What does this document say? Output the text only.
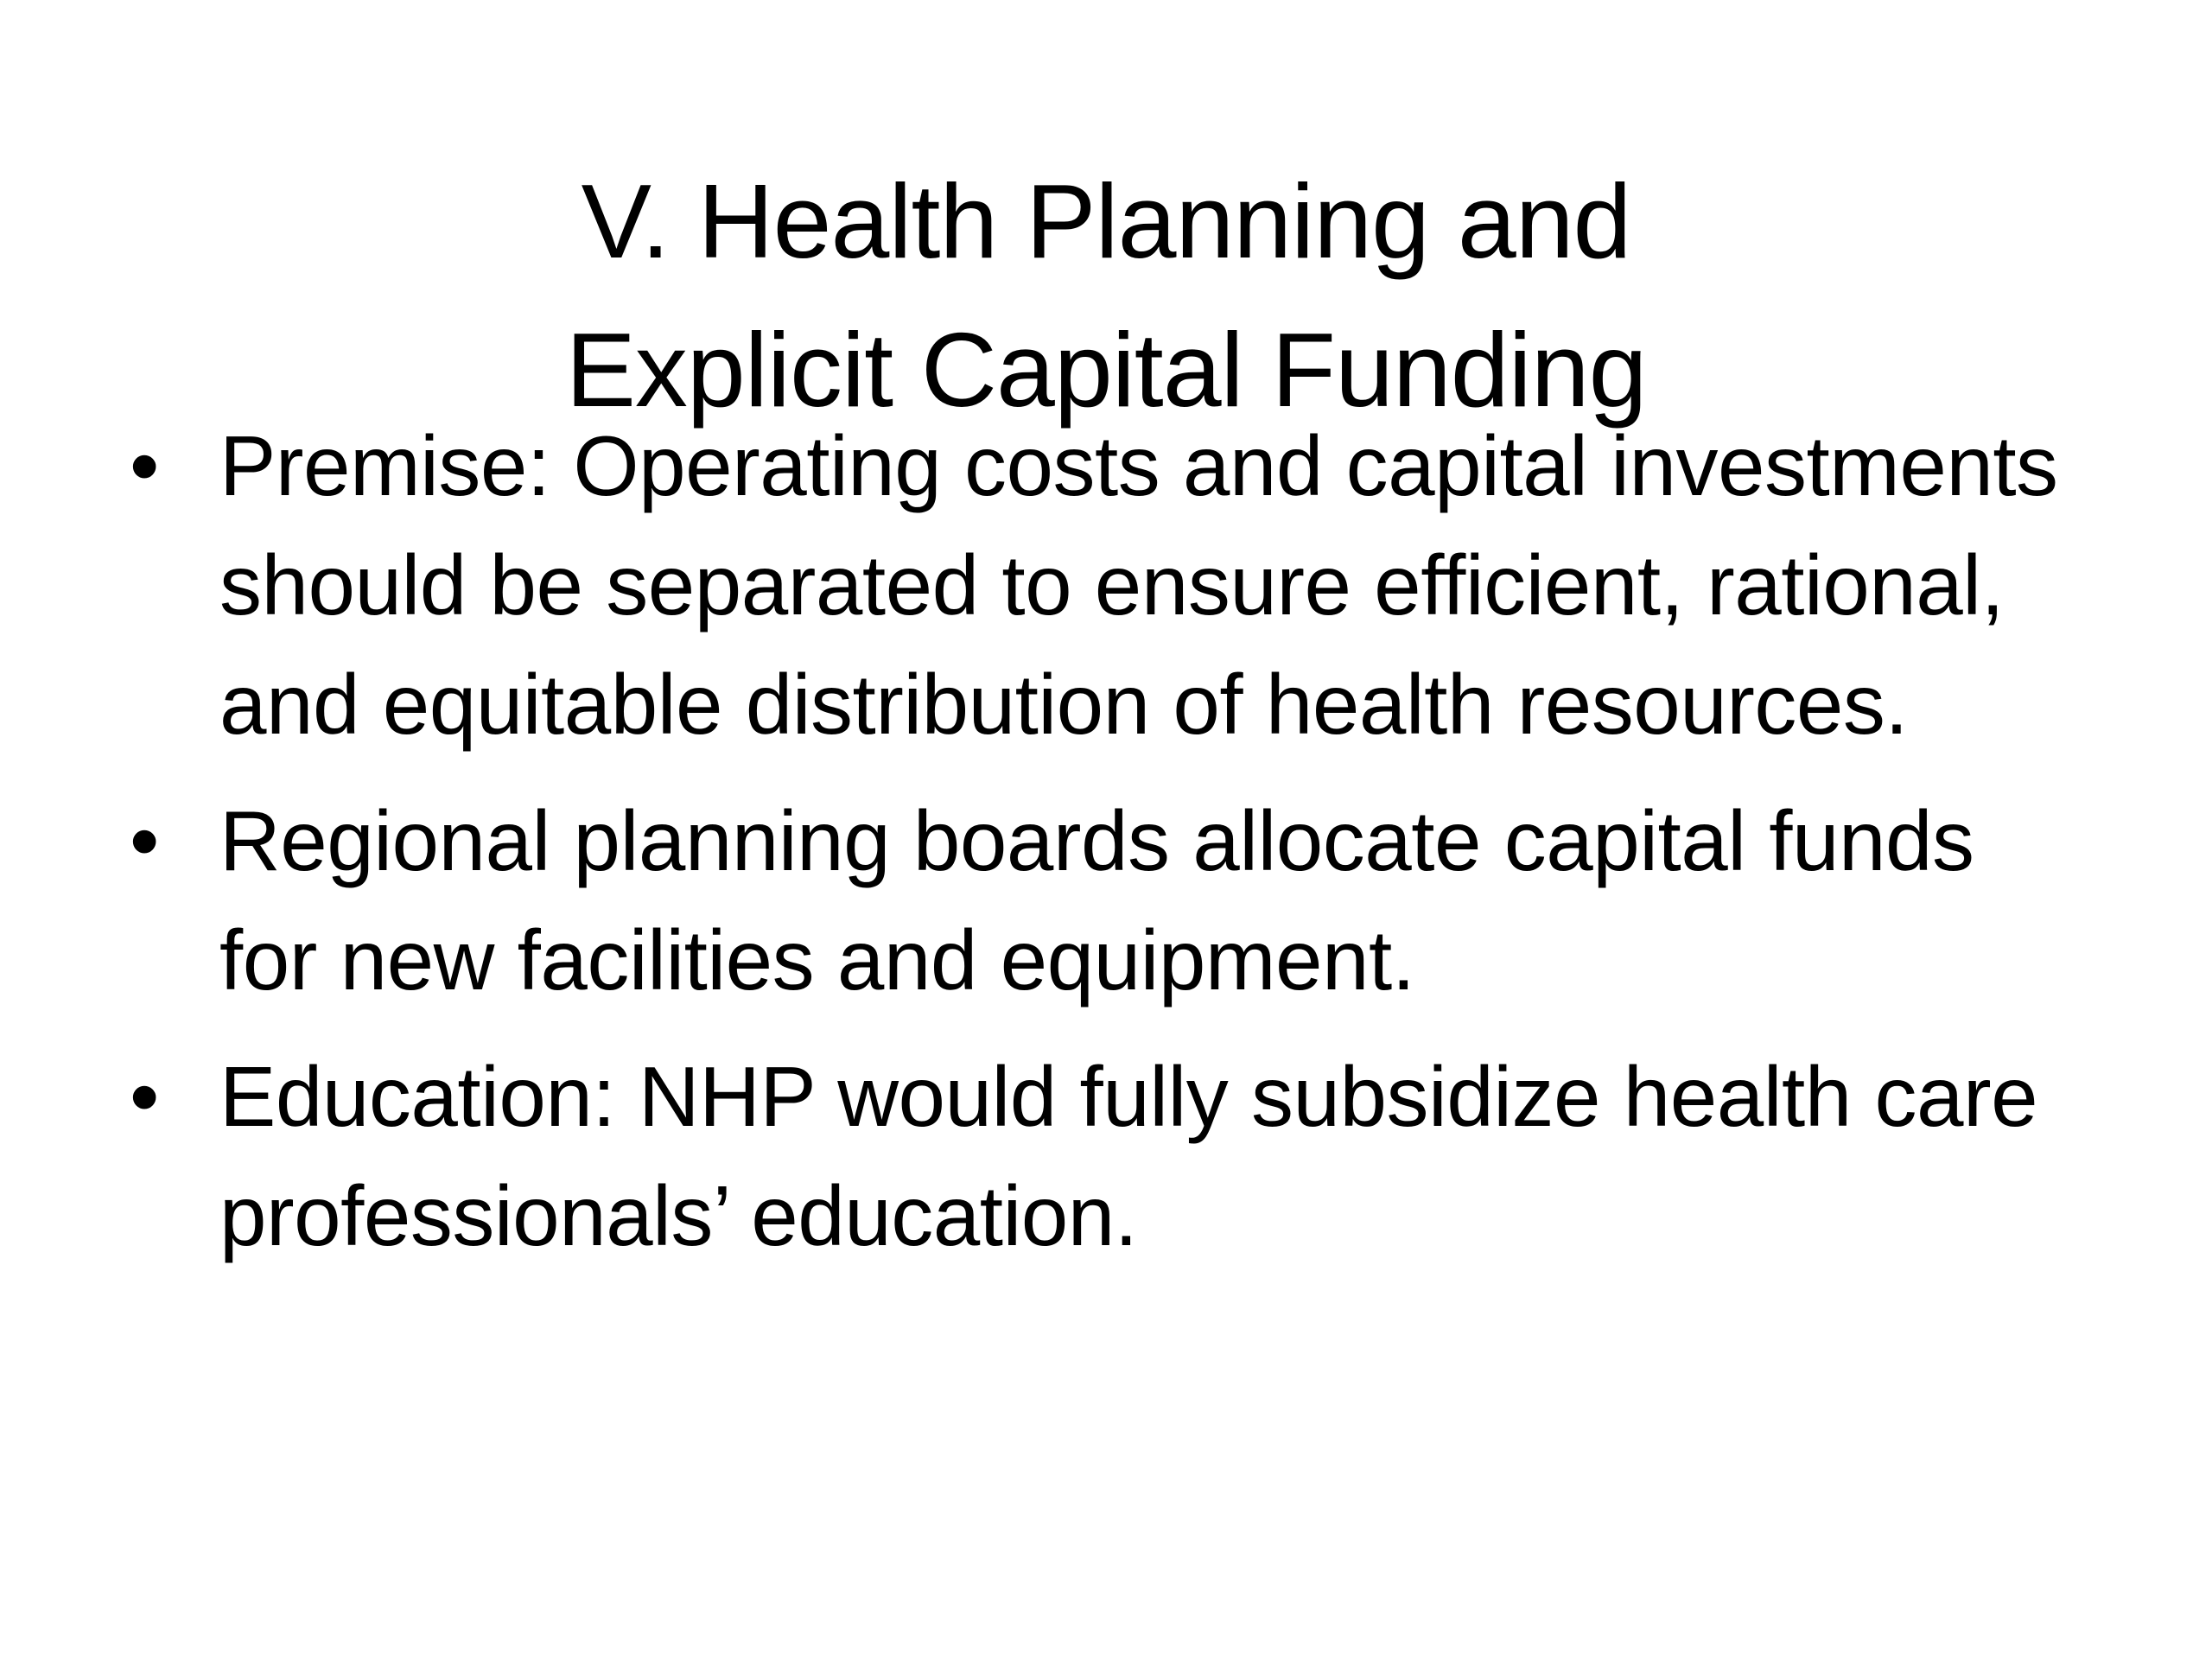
V. Health Planning and
Explicit Capital Funding
• Premise: Operating costs and capital investments should be separated to ensure efficient, rational, and equitable distribution of health resources.
• Regional planning boards allocate capital funds for new facilities and equipment.
• Education: NHP would fully subsidize health care professionals’ education.
